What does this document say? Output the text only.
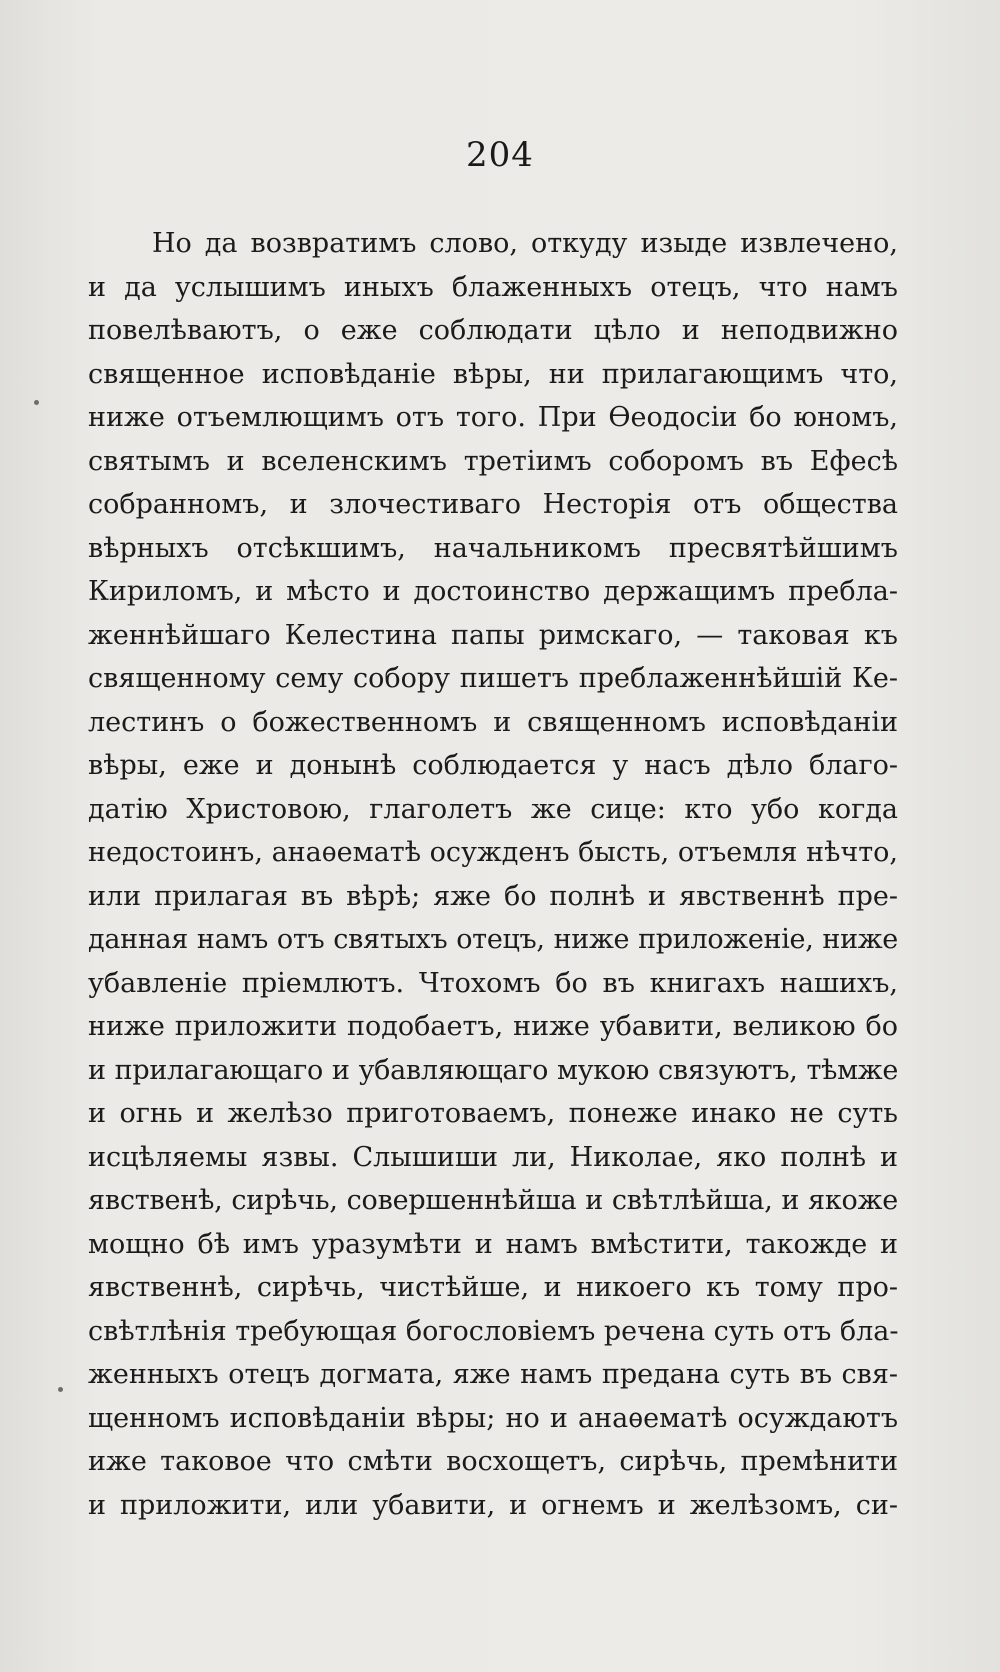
204
Но да возвратимъ слово, откуду изыде извлечено,
и да услышимъ иныхъ блаженныхъ отецъ, что намъ
повелѣваютъ, о еже соблюдати цѣло и неподвижно
священное исповѣданіе вѣры, ни прилагающимъ что,
ниже отъемлющимъ отъ того. При Ѳеодосіи бо юномъ,
святымъ и вселенскимъ третіимъ соборомъ въ Ефесѣ
собранномъ, и злочестиваго Несторія отъ общества
вѣрныхъ отсѣкшимъ, начальникомъ пресвятѣйшимъ
Кириломъ, и мѣсто и достоинство держащимъ пребла-
женнѣйшаго Келестина папы римскаго, — таковая къ
священному сему собору пишетъ преблаженнѣйшій Ке-
лестинъ о божественномъ и священномъ исповѣданіи
вѣры, еже и донынѣ соблюдается у насъ дѣло благо-
датію Христовою, глаголетъ же сице: кто убо когда
недостоинъ, анаѳематѣ осужденъ бысть, отъемля нѣчто,
или прилагая въ вѣрѣ; яже бо полнѣ и явственнѣ пре-
данная намъ отъ святыхъ отецъ, ниже приложеніе, ниже
убавленіе пріемлютъ. Чтохомъ бо въ книгахъ нашихъ,
ниже приложити подобаетъ, ниже убавити, великою бо
и прилагающаго и убавляющаго мукою связуютъ, тѣмже
и огнь и желѣзо приготоваемъ, понеже инако не суть
исцѣляемы язвы. Слышиши ли, Николае, яко полнѣ и
явственѣ, сирѣчь, совершеннѣйша и свѣтлѣйша, и якоже
мощно бѣ имъ уразумѣти и намъ вмѣстити, такожде и
явственнѣ, сирѣчь, чистѣйше, и никоего къ тому про-
свѣтлѣнія требующая богословіемъ речена суть отъ бла-
женныхъ отецъ догмата, яже намъ предана суть въ свя-
щенномъ исповѣданіи вѣры; но и анаѳематѣ осуждаютъ
иже таковое что смѣти восхощетъ, сирѣчь, премѣнити
и приложити, или убавити, и огнемъ и желѣзомъ, си-
